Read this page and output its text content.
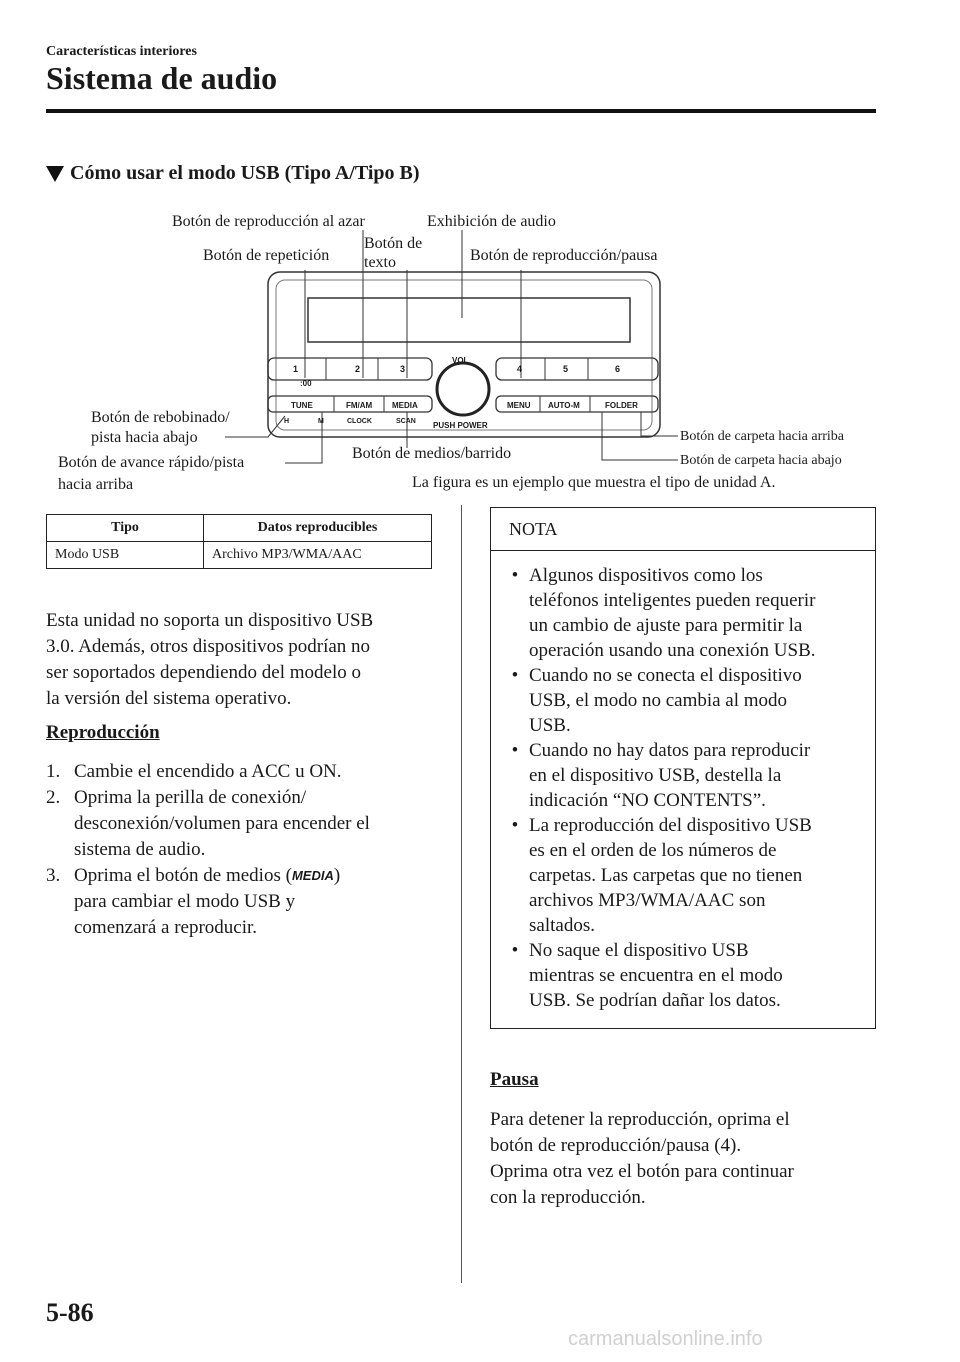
Características interiores
Sistema de audio
Cómo usar el modo USB (Tipo A/Tipo B)
1	2	3	4	5	6
:00
VOL
PUSH POWER
TUNE	FM/AM MEDIA	MENU AUTO-M	FOLDER
H	M	CLOCK	SCAN
Botón de reproducción al azar	Exhibición de audio
Botón de repetición
Botón de
texto	Botón de reproducción/pausa
Botón de rebobinado/
pista hacia abajo
Botón de avance rápido/pista
hacia arriba
Botón de medios/barrido
Botón de carpeta hacia arriba
Botón de carpeta hacia abajo
La figura es un ejemplo que muestra el tipo de unidad A.
Tipo	Datos reproducibles
Modo USB	Archivo MP3/WMA/AAC
Esta unidad no soporta un dispositivo USB
3.0. Además, otros dispositivos podrían no
ser soportados dependiendo del modelo o
la versión del sistema operativo.
Reproducción
1. Cambie el encendido a ACC u ON.
2. Oprima la perilla de conexión/
desconexión/volumen para encender el
sistema de audio.
3. Oprima el botón de medios (MEDIA)
para cambiar el modo USB y
comenzará a reproducir.
NOTA
• Algunos dispositivos como los
teléfonos inteligentes pueden requerir
un cambio de ajuste para permitir la
operación usando una conexión USB.
• Cuando no se conecta el dispositivo
USB, el modo no cambia al modo
USB.
• Cuando no hay datos para reproducir
en el dispositivo USB, destella la
indicación “NO CONTENTS”.
• La reproducción del dispositivo USB
es en el orden de los números de
carpetas. Las carpetas que no tienen
archivos MP3/WMA/AAC son
saltados.
• No saque el dispositivo USB
mientras se encuentra en el modo
USB. Se podrían dañar los datos.
Pausa
Para detener la reproducción, oprima el
botón de reproducción/pausa (4).
Oprima otra vez el botón para continuar
con la reproducción.
5-86
carmanualsonline.info
